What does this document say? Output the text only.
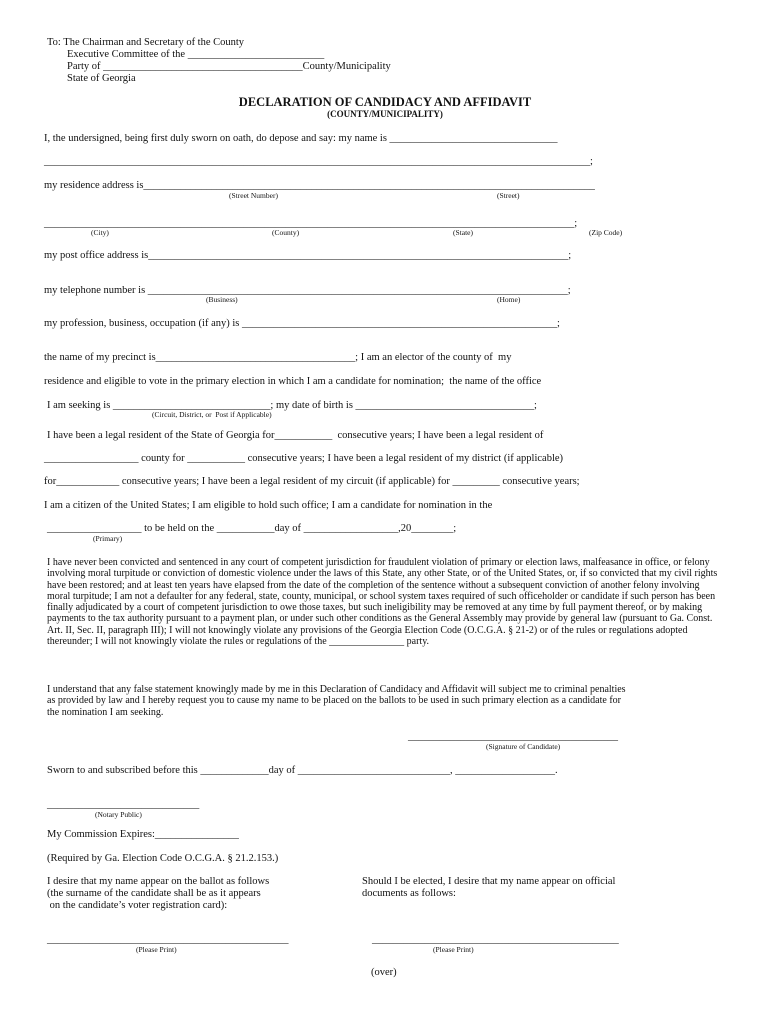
To: The Chairman and Secretary of the County
Executive Committee of the __________________________
Party of ______________________________________County/Municipality
State of Georgia
DECLARATION OF CANDIDACY AND AFFIDAVIT
(COUNTY/MUNICIPALITY)
I, the undersigned, being first duly sworn on oath, do depose and say: my name is ________________________________
________________________________________________________________________________________________________;
my residence address is______________________________________________________________________________________
(Street Number)	(Street)
_____________________________________________________________________________________________________;
(City)	(County)	(State)	(Zip Code)
my post office address is________________________________________________________________________________;
my telephone number is ________________________________________________________________________________;
(Business)	(Home)
my profession, business, occupation (if any) is ____________________________________________________________;
the name of my precinct is______________________________________; I am an elector of the county of  my
residence and eligible to vote in the primary election in which I am a candidate for nomination;  the name of the office
I am seeking is ______________________________; my date of birth is __________________________________;
(Circuit, District, or  Post if Applicable)
I have been a legal resident of the State of Georgia for___________  consecutive years; I have been a legal resident of
__________________ county for ___________ consecutive years; I have been a legal resident of my district (if applicable)
for____________ consecutive years; I have been a legal resident of my circuit (if applicable) for _________ consecutive years;
I am a citizen of the United States; I am eligible to hold such office; I am a candidate for nomination in the
__________________ to be held on the ___________day of __________________,20________;
(Primary)
I have never been convicted and sentenced in any court of competent jurisdiction for fraudulent violation of primary or election laws, malfeasance in office, or felony involving moral turpitude or conviction of domestic violence under the laws of this State, any other State, or of the United States, or, if so convicted that my civil rights have been restored; and at least ten years have elapsed from the date of the completion of the sentence without a subsequent conviction of another felony involving moral turpitude; I am not a defaulter for any federal, state, county, municipal, or school system taxes required of such officeholder or candidate if such person has been finally adjudicated by a court of competent jurisdiction to owe those taxes, but such ineligibility may be removed at any time by full payment thereof, or by making payments to the tax authority pursuant to a payment plan, or under such other conditions as the General Assembly may provide by general law (pursuant to Ga. Const. Art. II, Sec. II, paragraph III); I will not knowingly violate any provisions of the Georgia Election Code (O.C.G.A. § 21-2) or of the rules or regulations adopted thereunder; I will not knowingly violate the rules or regulations of the _______________ party.
I understand that any false statement knowingly made by me in this Declaration of Candidacy and Affidavit will subject me to criminal penalties as provided by law and I hereby request you to cause my name to be placed on the ballots to be used in such primary election as a candidate for the nomination I am seeking.
________________________________________
(Signature of Candidate)
Sworn to and subscribed before this _____________day of _____________________________, ___________________.
_____________________________
(Notary Public)
My Commission Expires:________________
(Required by Ga. Election Code O.C.G.A. § 21.2.153.)
I desire that my name appear on the ballot as follows
(the surname of the candidate shall be as it appears
on the candidate’s voter registration card):
______________________________________________
(Please Print)
Should I be elected, I desire that my name appear on official
documents as follows:
_______________________________________________
(Please Print)
(over)
